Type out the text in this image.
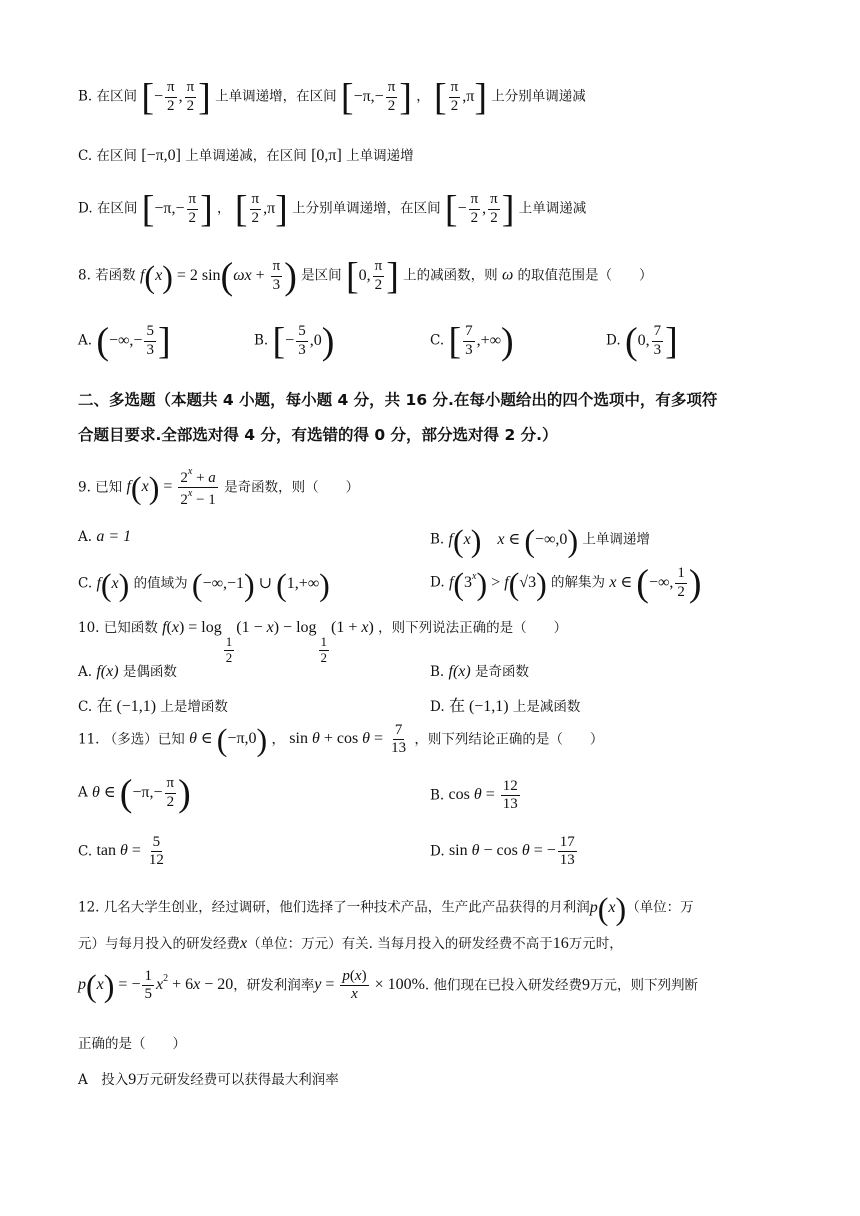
B. 在区间 [− $\frac{\pi}{2}$ , $\frac{\pi}{2}$ ] 上单调递增，在区间 [$-\pi,- \frac{\pi}{2}$ ] ， [ $\frac{\pi}{2} ,\pi$] 上分别单调递减
C. 在区间 [−π,0] 上单调递减，在区间 [0,π] 上单调递增
D. 在区间 [$-\pi,- \frac{\pi}{2}$ ] ， [ $\frac{\pi}{2} ,\pi$] 上分别单调递增，在区间 [− $\frac{\pi}{2}$ , $\frac{\pi}{2}$ ] 上单调递减
8. 若函数 f(x) = 2 $\sin(\omega x + \frac{\pi}{3}$ ) 是区间 [0, $\frac{\pi}{2}$ ] 上的减函数，则 ω 的取值范围是（　　）
A. (−∞,− $\frac{5}{3}$ ]	B. [− $\frac{5}{3} ,0$)	C. [ $\frac{7}{3}$ ,+∞)	D. (0, $\frac{7}{3}$ ]
二、多选题（本题共 4 小题，每小题 4 分，共 16 分.在每小题给出的四个选项中，有多项符
合题目要求.全部选对得 4 分，有选错的得 0 分，部分选对得 2 分.）
9. 已知 $f(x) = \frac{2^x + a}{2^x - 1}$ 是奇函数，则（　　）
A. a = 1	B. f(x) x ∈ (−∞,0) 上单调递增
C. f(x) 的值域为 (−∞,−1) ∪ (1,+∞)	D. $f(3^x) > f(√3)$ 的解集为 x ∈ (−∞, $\frac{1}{2}$ )
10. 已知函数 f(x) = log
$\frac{1}{2}$
(1 − x) − log
$\frac{1}{2}$
(1 + x) ，则下列说法正确的是（　　）
A. f(x) 是偶函数	B. f(x) 是奇函数
C. 在 (−1,1) 上是增函数	D. 在 (−1,1) 上是减函数
11. （多选）已知 θ ∈ (−π,0) ， $\sin \theta + \cos \theta = \frac{7}{13}$ ，则下列结论正确的是（　　）
A θ ∈ ($-\pi,- \frac{\pi}{2}$ )	B. $\cos \theta = \frac{12}{13}$
C. $\tan \theta = \frac{5}{12}$	D. sin θ − cos θ = − $\frac{17}{13}$
12. 几名大学生创业，经过调研，他们选择了一种技术产品，生产此产品获得的月利润p(x)（单位：万
元）与每月投入的研发经费x（单位：万元）有关. 当每月投入的研发经费不高于16万元时，
p(x) = − $\frac{1}{5} x^2 + 6x - 20$，研发利润率$y = \frac{p(x)}{x} \times 100\%$. 他们现在已投入研发经费9万元，则下列判断
正确的是（　　）
A　投入9万元研发经费可以获得最大利润率
